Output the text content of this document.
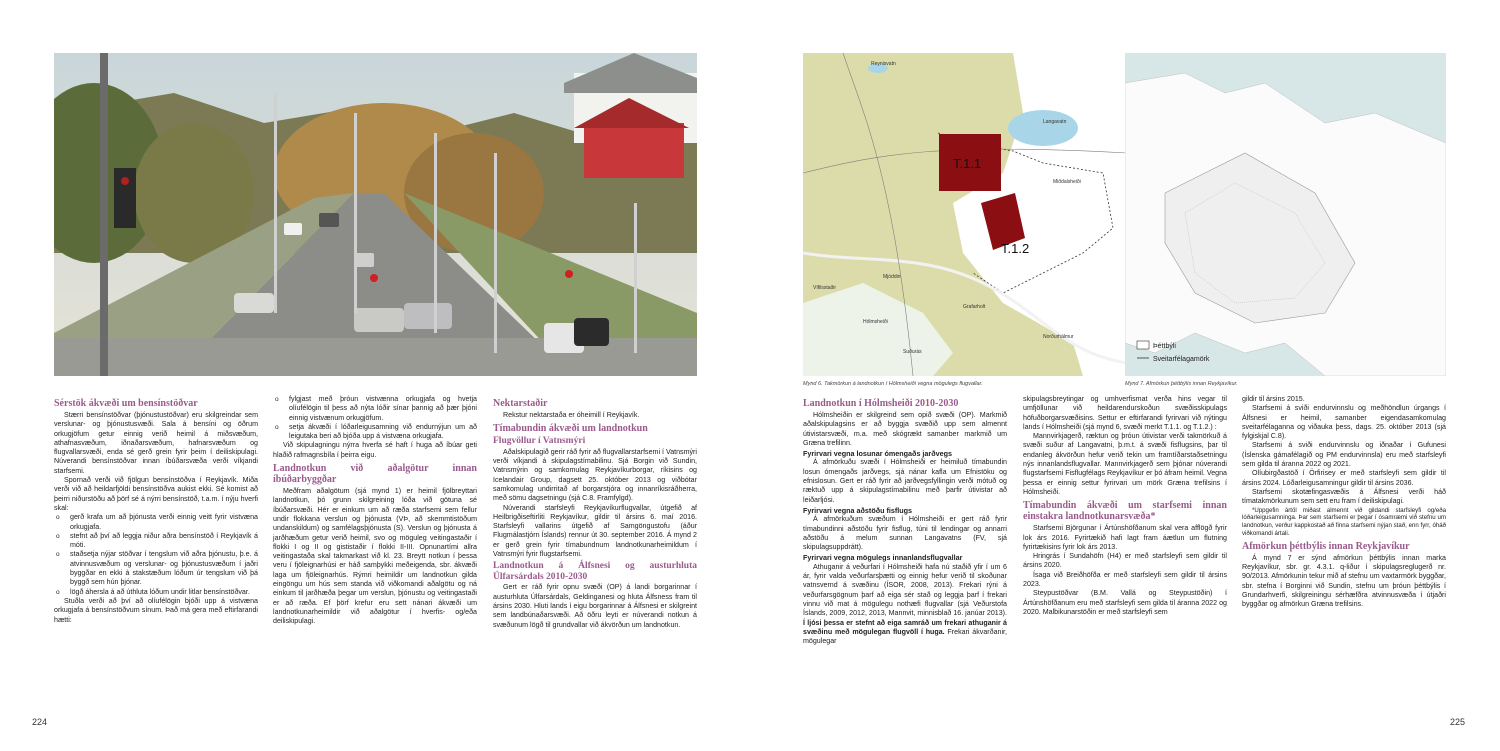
T.1.1
T.1.2
Langavatn
Reynisvatn
Hólmsheiði
Grafarholt
Mjóddin
Vífilsstaðir
Norðurhálmur
Miðdalsheiði
Suðurás
Þéttbýli
Sveitarfélagamörk
Mynd 6. Takmörkun á landnotkun í Hólmsheiði vegna mögulegs flugvallar.	Mynd 7. Afmörkun þéttbýlis innan Reykjavíkur.
Sérstök ákvæði um bensínstöðvar

Stærri bensínstöðvar (þjónustustöðvar) eru skilgreindar sem verslunar- og þjónustusvæði. Sala á bensíni og öðrum orkugjöfum getur einnig verið heimil á miðsvæðum, athafnasvæðum, iðnaðarsvæðum, hafnarsvæðum og flugvallarsvæði, enda sé gerð grein fyrir þeim í deiliskipulagi. Núverandi bensínstöðvar innan íbúðarsvæða verði víkjandi starfsemi.

Spornað verði við fjölgun bensínstöðva í Reykjavík. Miða verði við að heildarfjöldi bensínstöðva aukist ekki. Sé komist að þeirri niðurstöðu að þörf sé á nýrri bensínstöð, t.a.m. í nýju hverfi skal:

o gerð krafa um að þjónusta verði einnig veitt fyrir vistvæna orkugjafa.
o stefnt að því að leggja niður aðra bensínstöð í Reykjavík á móti.
o staðsetja nýjar stöðvar í tengslum við aðra þjónustu, þ.e. á atvinnusvæðum og verslunar- og þjónustusvæðum í jaðri byggðar en ekki á stakstæðum lóðum úr tengslum við þá byggð sem hún þjónar.
o lögð áhersla á að úthluta lóðum undir litlar bensínstöðvar.

Stuðla verði að því að olíufélögin bjóði upp á vistvæna orkugjafa á bensínstöðvum sínum. Það má gera með eftirfarandi hætti:

o fylgjast með þróun vistvænna orkugjafa og hvetja olíufélögin til þess að nýta lóðir sínar þannig að þær þjóni einnig vistvænum orkugjöfum.
o setja ákvæði í lóðarleigusamning við endurnýjun um að leigutaka beri að bjóða upp á vistvæna orkugjafa.

Við skipulagningu nýrra hverfa sé haft í huga að íbúar geti hlaðið rafmagnsbíla í þeirra eigu.

Landnotkun við aðalgötur innan íbúðarbyggðar

Meðfram aðalgötum (sjá mynd 1) er heimil fjölbreyttari landnotkun, þó grunn skilgreining lóða við götuna sé íbúðarsvæði. Hér er einkum um að ræða starfsemi sem fellur undir flokkana verslun og þjónusta (VÞ, að skemmtistöðum undanskildum) og samfélagsþjónusta (S). Verslun og þjónusta á jarðhæðum getur verið heimil, svo og möguleg veitingastaðir í flokki I og II og gististaðir í flokki II-III. Opnunartími allra veitingastaða skal takmarkast við kl. 23. Breytt notkun í þessa veru í fjöleignarhúsi er háð samþykki meðeigenda, sbr. ákvæði laga um fjöleignarhús. Rýmri heimildir um landnotkun gilda eingöngu um hús sem standa við viðkomandi aðalgötu og ná einkum til jarðhæða þegar um verslun, þjónustu og veitingastaði er að ræða. Ef þörf krefur eru sett nánari ákvæði um landnotkunarheimildir við aðalgötur í hverfis- og/eða deiliskipulagi.

Nektarstaðir

Rekstur nektarstaða er óheimill í Reykjavík.

Tímabundin ákvæði um landnotkun
Flugvöllur í Vatnsmýri

Aðalskipulagið gerir ráð fyrir að flugvallarstarfsemi í Vatnsmýri verði víkjandi á skipulagstímabilinu. Sjá Borgin við Sundin, Vatnsmýrin og samkomulag Reykjavíkurborgar, ríkisins og Icelandair Group, dagsett 25. október 2013 og viðbótar samkomulag undirritað af borgarstjóra og innanríkisráðherra, með sömu dagsetningu (sjá C.8. Framfylgd).

Núverandi starfsleyfi Reykjavíkurflugvallar, útgefið af Heilbrigðiseftirliti Reykjavíkur, gildir til ársins 6. maí 2016. Starfsleyfi vallarins útgefið af Samgöngustofu (áður Flugmálastjórn Íslands) rennur út 30. september 2016. Á mynd 2 er gerð grein fyrir tímabundnum landnotkunarheimildum í Vatnsmýri fyrir flugstarfsemi.

Landnotkun á Álfsnesi og austurhluta Úlfarsárdals 2010-2030

Gert er ráð fyrir opnu svæði (OP) á landi borgarinnar í austurhluta Úlfarsárdals, Geldinganesi og hluta Álfsness fram til ársins 2030. Hluti lands í eigu borgarinnar á Álfsnesi er skilgreint sem landbúnaðarsvæði. Að öðru leyti er núverandi notkun á svæðunum lögð til grundvallar við ákvörðun um landnotkun.

Landnotkun í Hólmsheiði 2010-2030

Hólmsheiðin er skilgreind sem opið svæði (OP). Markmið aðalskipulagsins er að byggja svæðið upp sem almennt útivistarsvæði, m.a. með skógrækt samanber markmið um Græna trefilinn.

Fyrirvari vegna losunar ómengaðs jarðvegs

Á afmörkuðu svæði í Hólmsheiði er heimiluð tímabundin losun ómengaðs jarðvegs, sjá nánar kafla um Efnistöku og efnislosun. Gert er ráð fyrir að jarðvegsfyllingin verði mótuð og ræktuð upp á skipulagstímabilinu með þarfir útivistar að leiðarljósi.

Fyrirvari vegna aðstöðu fisflugs

Á afmörkuðum svæðum í Hólmsheiði er gert ráð fyrir tímabundinni aðstöðu fyrir fisflug, túni til lendingar og annarri aðstöðu á melum sunnan Langavatns (FV, sjá skipulagsuppdrátt).

Fyrirvari vegna mögulegs innanlandsflugvallar

Athuganir á veðurfari í Hólmsheiði hafa nú staðið yfir í um 6 ár, fyrir valda veðurfarsþætti og einnig hefur verið til skoðunar vatnsvernd á svæðinu (ÍSOR, 2008, 2013). Frekari rýni á veðurfarsgögnum þarf að eiga sér stað og leggja þarf í frekari vinnu við mat á mögulegu nothæfi flugvallar (sjá Veðurstofa Íslands, 2009, 2012, 2013, Mannvit, minnisblað 16. janúar 2013). Í ljósi þessa er stefnt að eiga samráð um frekari athuganir á svæðinu með mögulegan flugvöll í huga. Frekari ákvarðanir, mögulegar

skipulagsbreytingar og umhverfismat verða hins vegar til umfjöllunar við heildarendurskoðun svæðisskipulags höfuðborgarsvæðisins. Settur er eftirfarandi fyrirvari við nýtingu lands í Hólmsheiði (sjá mynd 6, svæði merkt T.1.1. og T.1.2.) :

Mannvirkjagerð, ræktun og þróun útivistar verði takmörkuð á svæði suður af Langavatni, þ.m.t. á svæði fisflugsins, þar til endanleg ákvörðun hefur verið tekin um framtíðarstaðsetningu nýs innanlandsflugvallar. Mannvirkjagerð sem þjónar núverandi flugstarfsemi Fisflugfélags Reykjavíkur er þó áfram heimil. Vegna þessa er einnig settur fyrirvari um mörk Græna trefilsins í Hólmsheiði.

Tímabundin ákvæði um starfsemi innan einstakra landnotkunarsvæða*

Starfsemi Björgunar í Ártúnshöfðanum skal vera afflögð fyrir lok árs 2016. Fyrirtækið hafi lagt fram áætlun um flutning fyrirtækisins fyrir lok árs 2013.

Hringrás í Sundahöfn (H4) er með starfsleyfi sem gildir til ársins 2020.

Ísaga við Breiðhöfða er með starfsleyfi sem gildir til ársins 2023.

Steypustöðvar (B.M. Vallá og Steypustöðin) í Ártúnshöfðanum eru með starfsleyfi sem gilda til áranna 2022 og 2020. Malbikunarstöðin er með starfsleyfi sem

gildir til ársins 2015.

Starfsemi á sviði endurvinnslu og meðhöndlun úrgangs í Álfsnesi er heimil, samanber eigendasamkomulag sveitarfélaganna og viðauka þess, dags. 25. október 2013 (sjá fylgiskjal C.8).

Starfsemi á sviði endurvinnslu og iðnaðar í Gufunesi (Íslenska gámafélagið og PM endurvinnsla) eru með starfsleyfi sem gilda til áranna 2022 og 2021.

Olíubirgðastöð í Örfirisey er með starfsleyfi sem gildir til ársins 2024. Lóðarleigusamningur gildir til ársins 2036.

Starfsemi skotæfingasvæðis á Álfsnesi verði háð tímatakmörkunum sem sett eru fram í deiliskipulagi.

*Uppgefin ártöl miðast almennt við gildandi starfsleyfi og/eða lóðarleigusamninga. Þar sem starfsemi er þegar í ósamræmi við stefnu um landnotkun, verður kappkostað að finna starfsemi nýjan stað, enn fyrr, óháð viðkomandi ártali.

Afmörkun þéttbýlis innan Reykjavíkur

Á mynd 7 er sýnd afmörkun þéttbýlis innan marka Reykjavíkur, sbr. gr. 4.3.1. q-liður í skipulagsreglugerð nr. 90/2013. Afmörkunin tekur mið af stefnu um vaxtarmörk byggðar, sbr. stefna í Borginni við Sundin, stefnu um þróun þéttbýlis í Grundarhverfi, skilgreiningu sérhæfðra atvinnusvæða í útjaðri byggðar og afmörkun Græna trefilsins.

224	225
